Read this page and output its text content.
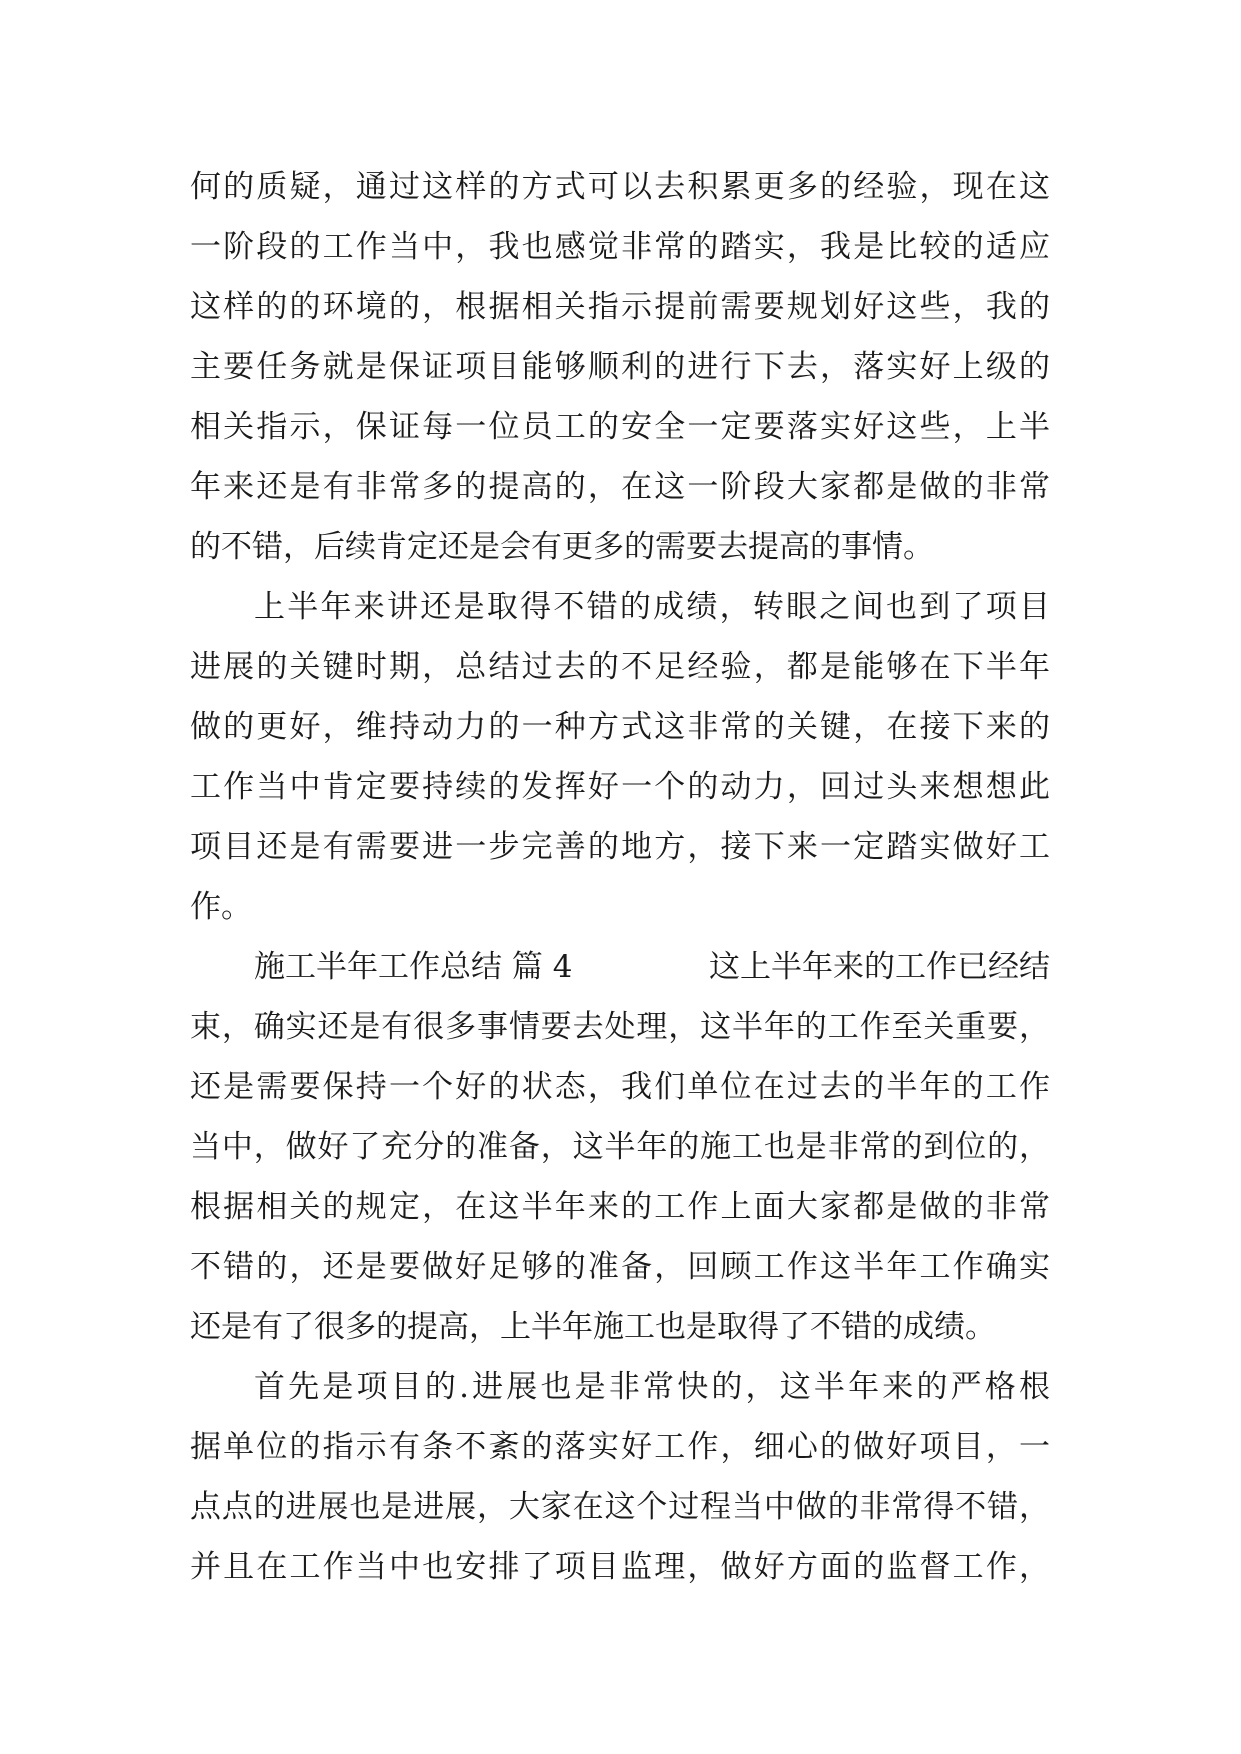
何的质疑，通过这样的方式可以去积累更多的经验，现在这
一阶段的工作当中，我也感觉非常的踏实，我是比较的适应
这样的的环境的，根据相关指示提前需要规划好这些，我的
主要任务就是保证项目能够顺利的进行下去，落实好上级的
相关指示，保证每一位员工的安全一定要落实好这些，上半
年来还是有非常多的提高的，在这一阶段大家都是做的非常
的不错，后续肯定还是会有更多的需要去提高的事情。
上半年来讲还是取得不错的成绩，转眼之间也到了项目
进展的关键时期，总结过去的不足经验，都是能够在下半年
做的更好，维持动力的一种方式这非常的关键，在接下来的
工作当中肯定要持续的发挥好一个的动力，回过头来想想此
项目还是有需要进一步完善的地方，接下来一定踏实做好工
作。
施工半年工作总结 篇 4	这上半年来的工作已经结
束，确实还是有很多事情要去处理，这半年的工作至关重要，
还是需要保持一个好的状态，我们单位在过去的半年的工作
当中，做好了充分的准备，这半年的施工也是非常的到位的，
根据相关的规定，在这半年来的工作上面大家都是做的非常
不错的，还是要做好足够的准备，回顾工作这半年工作确实
还是有了很多的提高，上半年施工也是取得了不错的成绩。
首先是项目的.进展也是非常快的，这半年来的严格根
据单位的指示有条不紊的落实好工作，细心的做好项目，一
点点的进展也是进展，大家在这个过程当中做的非常得不错，
并且在工作当中也安排了项目监理，做好方面的监督工作，
